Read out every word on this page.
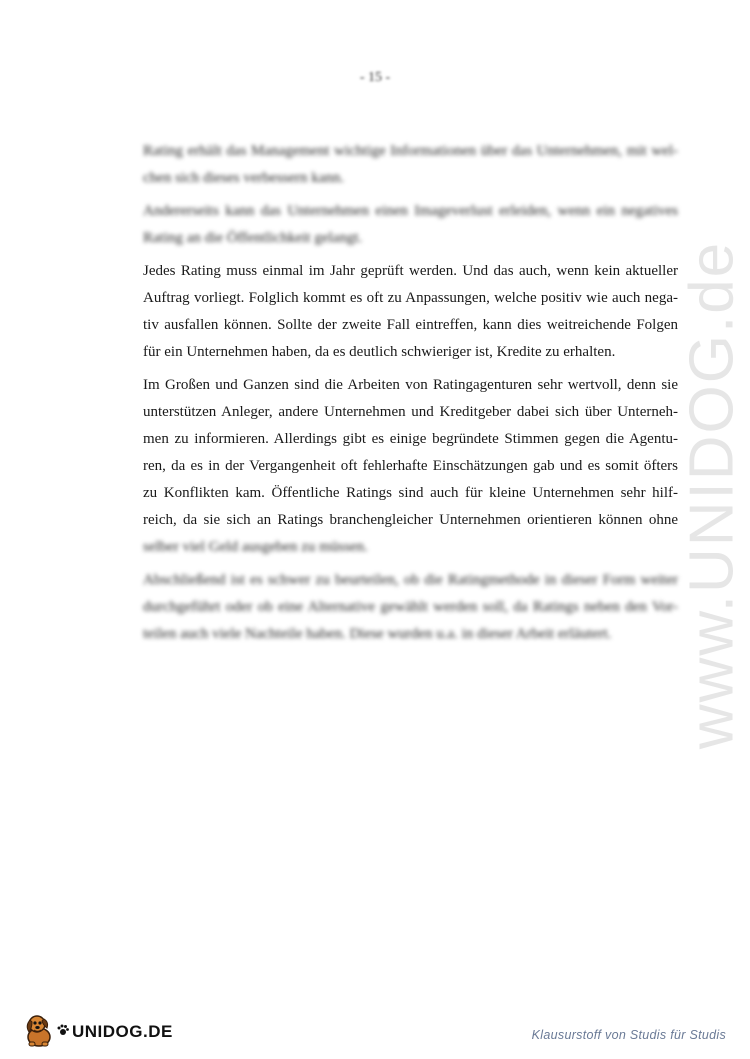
- 15 -
Rating erhält das Management wichtige Informationen über das Unternehmen, mit wel-
chen sich dieses verbessern kann.
Andererseits kann das Unternehmen einen Imageverlust erleiden, wenn ein negatives
Rating an die Öffentlichkeit gelangt.
Jedes Rating muss einmal im Jahr geprüft werden. Und das auch, wenn kein aktueller
Auftrag vorliegt. Folglich kommt es oft zu Anpassungen, welche positiv wie auch nega-
tiv ausfallen können. Sollte der zweite Fall eintreffen, kann dies weitreichende Folgen
für ein Unternehmen haben, da es deutlich schwieriger ist, Kredite zu erhalten.
Im Großen und Ganzen sind die Arbeiten von Ratingagenturen sehr wertvoll, denn sie
unterstützen Anleger, andere Unternehmen und Kreditgeber dabei sich über Unterneh-
men zu informieren. Allerdings gibt es einige begründete Stimmen gegen die Agentu-
ren, da es in der Vergangenheit oft fehlerhafte Einschätzungen gab und es somit öfters
zu Konflikten kam. Öffentliche Ratings sind auch für kleine Unternehmen sehr hilf-
reich, da sie sich an Ratings branchengleicher Unternehmen orientieren können ohne
selber viel Geld ausgeben zu müssen.
Abschließend ist es schwer zu beurteilen, ob die Ratingmethode in dieser Form weiter
durchgeführt oder ob eine Alternative gewählt werden soll, da Ratings neben den Vor-
teilen auch viele Nachteile haben. Diese wurden u.a. in dieser Arbeit erläutert.	www.UNIDOG.de
UNIDOG.DE	Klausurstoff von Studis für Studis
